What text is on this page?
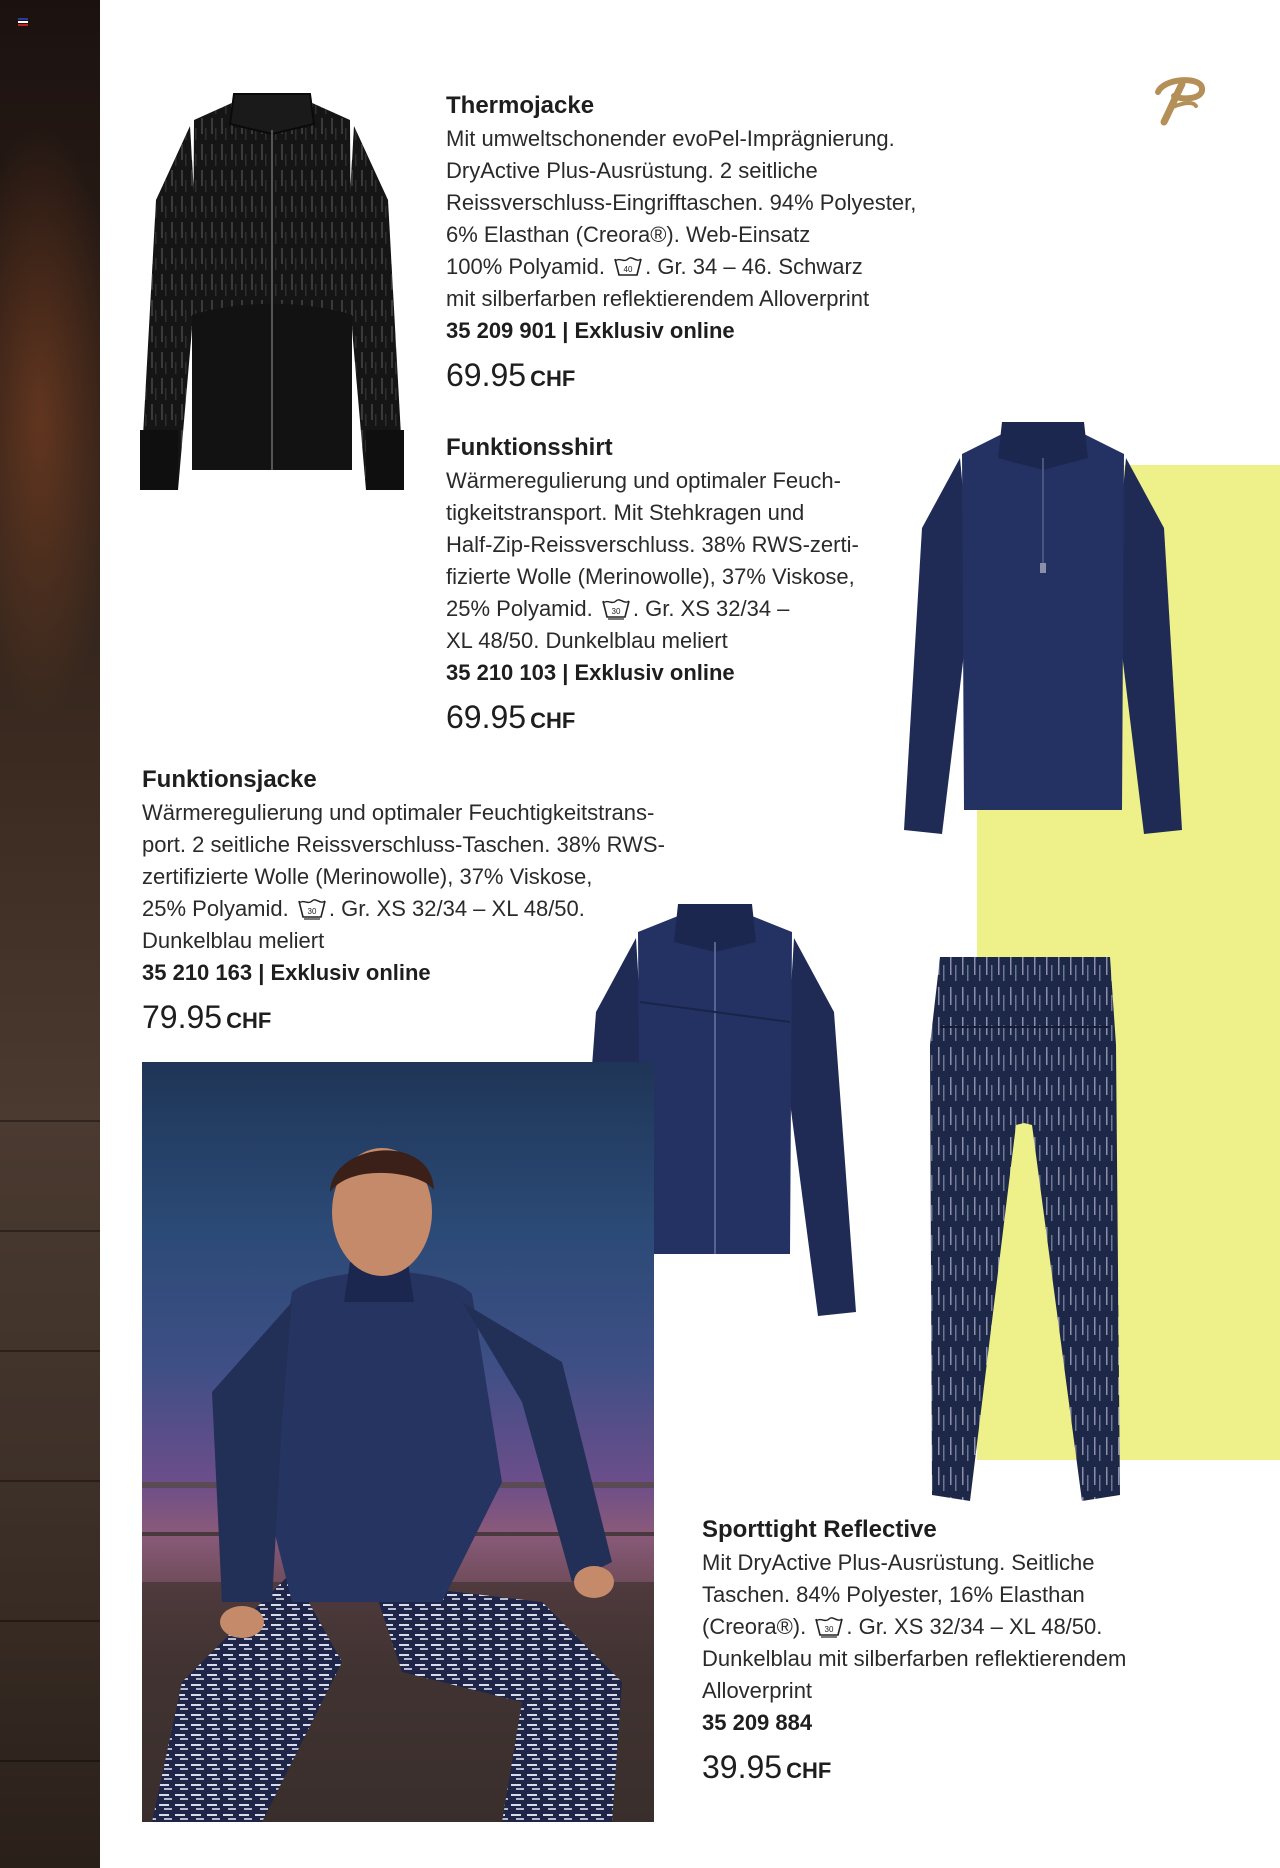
Thermojacke
Mit umweltschonender evoPel-Imprägnierung.
DryActive Plus-Ausrüstung. 2 seitliche
Reissverschluss-Eingrifftaschen. 94% Polyester,
6% Elasthan (Creora®). Web-Einsatz
100% Polyamid. 40 . Gr. 34 – 46. Schwarz
mit silberfarben reflektierendem Alloverprint
35 209 901 | Exklusiv online
69.95 CHF
Funktionsshirt
Wärmeregulierung und optimaler Feuch-
tigkeitstransport. Mit Stehkragen und
Half-Zip-Reissverschluss. 38% RWS-zerti-
fizierte Wolle (Merinowolle), 37% Viskose,
25% Polyamid. 30 . Gr. XS 32/34 –
XL 48/50. Dunkelblau meliert
35 210 103 | Exklusiv online
69.95 CHF
Funktionsjacke
Wärmeregulierung und optimaler Feuchtigkeitstrans-
port. 2 seitliche Reissverschluss-Taschen. 38% RWS-
zertifizierte Wolle (Merinowolle), 37% Viskose,
25% Polyamid. 30 . Gr. XS 32/34 – XL 48/50.
Dunkelblau meliert
35 210 163 | Exklusiv online
79.95 CHF
Sporttight Reflective
Mit DryActive Plus-Ausrüstung. Seitliche
Taschen. 84% Polyester, 16% Elasthan
(Creora®). 30 . Gr. XS 32/34 – XL 48/50.
Dunkelblau mit silberfarben reflektierendem
Alloverprint
35 209 884
39.95 CHF
